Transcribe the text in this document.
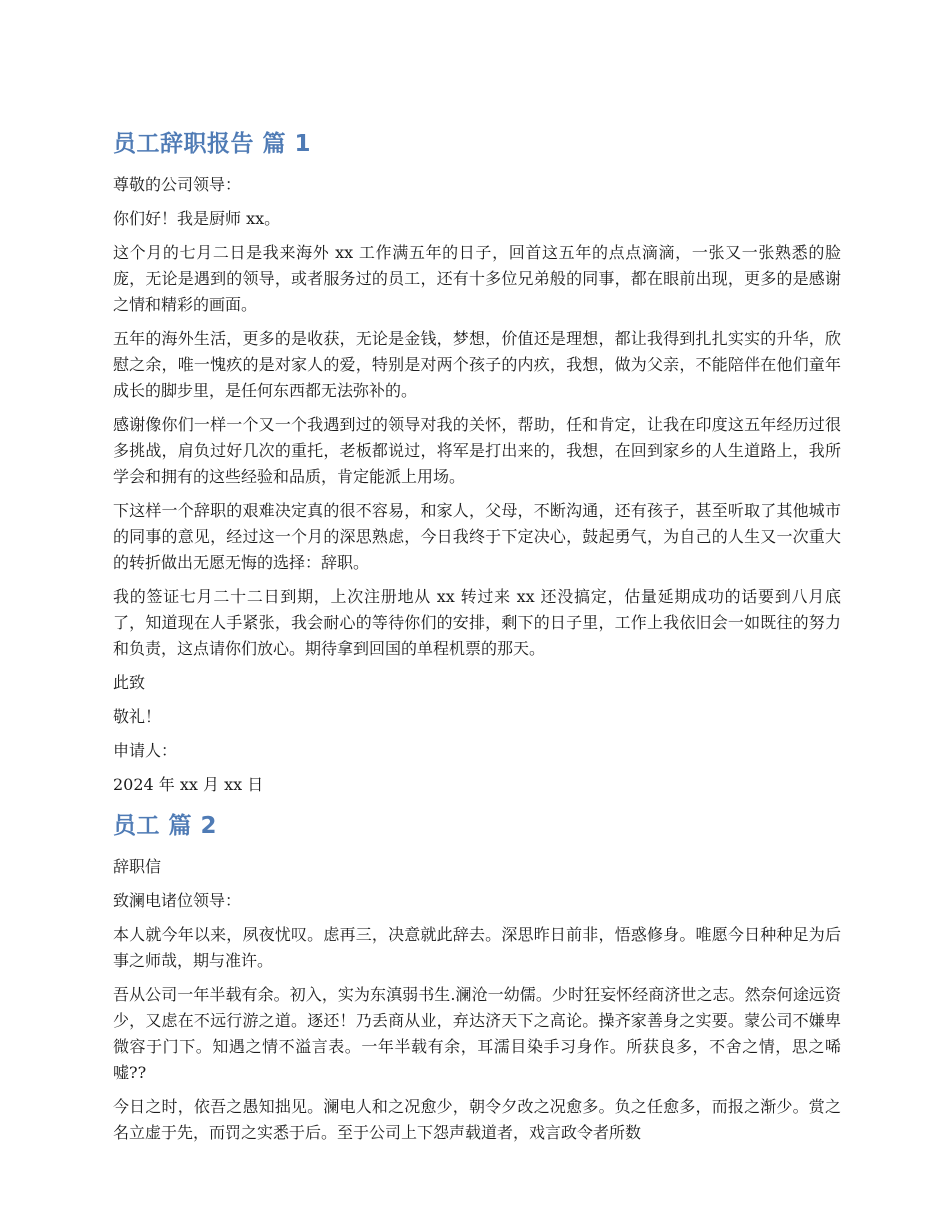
员工辞职报告 篇 1

尊敬的公司领导：

你们好！我是厨师 xx。

这个月的七月二日是我来海外 xx 工作满五年的日子，回首这五年的点点滴滴，一张又一张熟悉的脸庞，无论是遇到的领导，或者服务过的员工，还有十多位兄弟般的同事，都在眼前出现，更多的是感谢之情和精彩的画面。

五年的海外生活，更多的是收获，无论是金钱，梦想，价值还是理想，都让我得到扎扎实实的升华，欣慰之余，唯一愧疚的是对家人的爱，特别是对两个孩子的内疚，我想，做为父亲，不能陪伴在他们童年成长的脚步里，是任何东西都无法弥补的。

感谢像你们一样一个又一个我遇到过的领导对我的关怀，帮助，任和肯定，让我在印度这五年经历过很多挑战，肩负过好几次的重托，老板都说过，将军是打出来的，我想，在回到家乡的人生道路上，我所学会和拥有的这些经验和品质，肯定能派上用场。

下这样一个辞职的艰难决定真的很不容易，和家人，父母，不断沟通，还有孩子，甚至听取了其他城市的同事的意见，经过这一个月的深思熟虑，今日我终于下定决心，鼓起勇气，为自己的人生又一次重大的转折做出无愿无悔的选择：辞职。

我的签证七月二十二日到期，上次注册地从 xx 转过来 xx 还没搞定，估量延期成功的话要到八月底了，知道现在人手紧张，我会耐心的等待你们的安排，剩下的日子里，工作上我依旧会一如既往的努力和负责，这点请你们放心。期待拿到回国的单程机票的那天。

此致

敬礼！

申请人：

2024 年 xx 月 xx 日

员工 篇 2

辞职信

致澜电诸位领导：

本人就今年以来，夙夜忧叹。虑再三，决意就此辞去。深思昨日前非，悟惑修身。唯愿今日种种足为后事之师哉，期与准许。

吾从公司一年半载有余。初入，实为东滇弱书生.澜沧一幼儒。少时狂妄怀经商济世之志。然奈何途远资少，又虑在不远行游之道。逐还！乃丢商从业，弃达济天下之高论。操齐家善身之实要。蒙公司不嫌卑微容于门下。知遇之情不溢言表。一年半载有余，耳濡目染手习身作。所获良多，不舍之情，思之唏嘘??

今日之时，依吾之愚知拙见。澜电人和之况愈少，朝令夕改之况愈多。负之任愈多，而报之渐少。赏之名立虚于先，而罚之实悉于后。至于公司上下怨声载道者，戏言政令者所数
